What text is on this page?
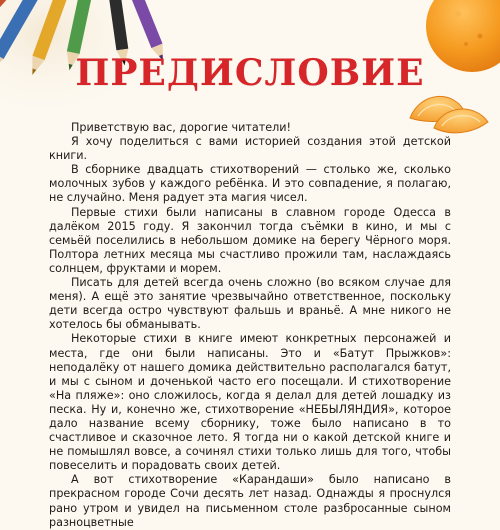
ПРЕДИСЛОВИЕ

Приветствую вас, дорогие читатели!

Я хочу поделиться с вами историей создания этой детской книги.

В сборнике двадцать стихотворений — столько же, сколько молочных зубов у каждого ребёнка. И это совпадение, я полагаю, не случайно. Меня радует эта магия чисел.

Первые стихи были написаны в славном городе Одесса в далёком 2015 году. Я закончил тогда съёмки в кино, и мы с семьёй поселились в небольшом домике на берегу Чёрного моря. Полтора летних месяца мы счастливо прожили там, наслаждаясь солнцем, фруктами и морем.

Писать для детей всегда очень сложно (во всяком случае для меня). А ещё это занятие чрезвычайно ответственное, поскольку дети всегда остро чувствуют фальшь и враньё. А мне никого не хотелось бы обманывать.

Некоторые стихи в книге имеют конкретных персонажей и места, где они были написаны. Это и «Батут Прыжков»: неподалёку от нашего домика действительно располагался батут, и мы с сыном и доченькой часто его посещали. И стихотворение «На пляже»: оно сложилось, когда я делал для детей лошадку из песка. Ну и, конечно же, стихотворение «НЕБЫЛЯНДИЯ», которое дало название всему сборнику, тоже было написано в то счастливое и сказочное лето. Я тогда ни о какой детской книге и не помышлял вовсе, а сочинял стихи только лишь для того, чтобы повеселить и порадовать своих детей.

А вот стихотворение «Карандаши» было написано в прекрасном городе Сочи десять лет назад. Однажды я проснулся рано утром и увидел на письменном столе разбросанные сыном разноцветные
